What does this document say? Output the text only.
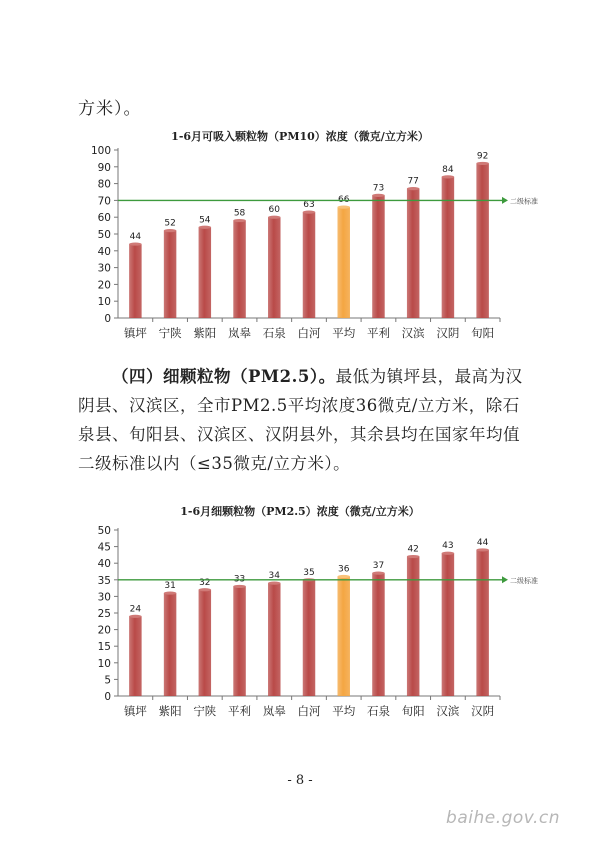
方米）。
1-6月可吸入颗粒物（PM10）浓度（微克/立方米）
0
10
20
30
40
50
60
70
80
90
100
44
镇坪
52
宁陕
54
紫阳
58
岚皋
60
石泉
63
白河
66
平均
73
平利
77
汉滨
84
汉阴
92
旬阳
二级标准
（四）细颗粒物（PM2.5）。最低为镇坪县，最高为汉阴县、汉滨区，全市PM2.5平均浓度36微克/立方米，除石泉县、旬阳县、汉滨区、汉阴县外，其余县均在国家年均值二级标准以内（≤35微克/立方米）。
1-6月细颗粒物（PM2.5）浓度（微克/立方米）
0
5
10
15
20
25
30
35
40
45
50
24
镇坪
31
紫阳
32
宁陕
33
平利
34
岚皋
35
白河
36
平均
37
石泉
42
旬阳
43
汉滨
44
汉阴
二级标准
- 8 -
baihe.gov.cn
